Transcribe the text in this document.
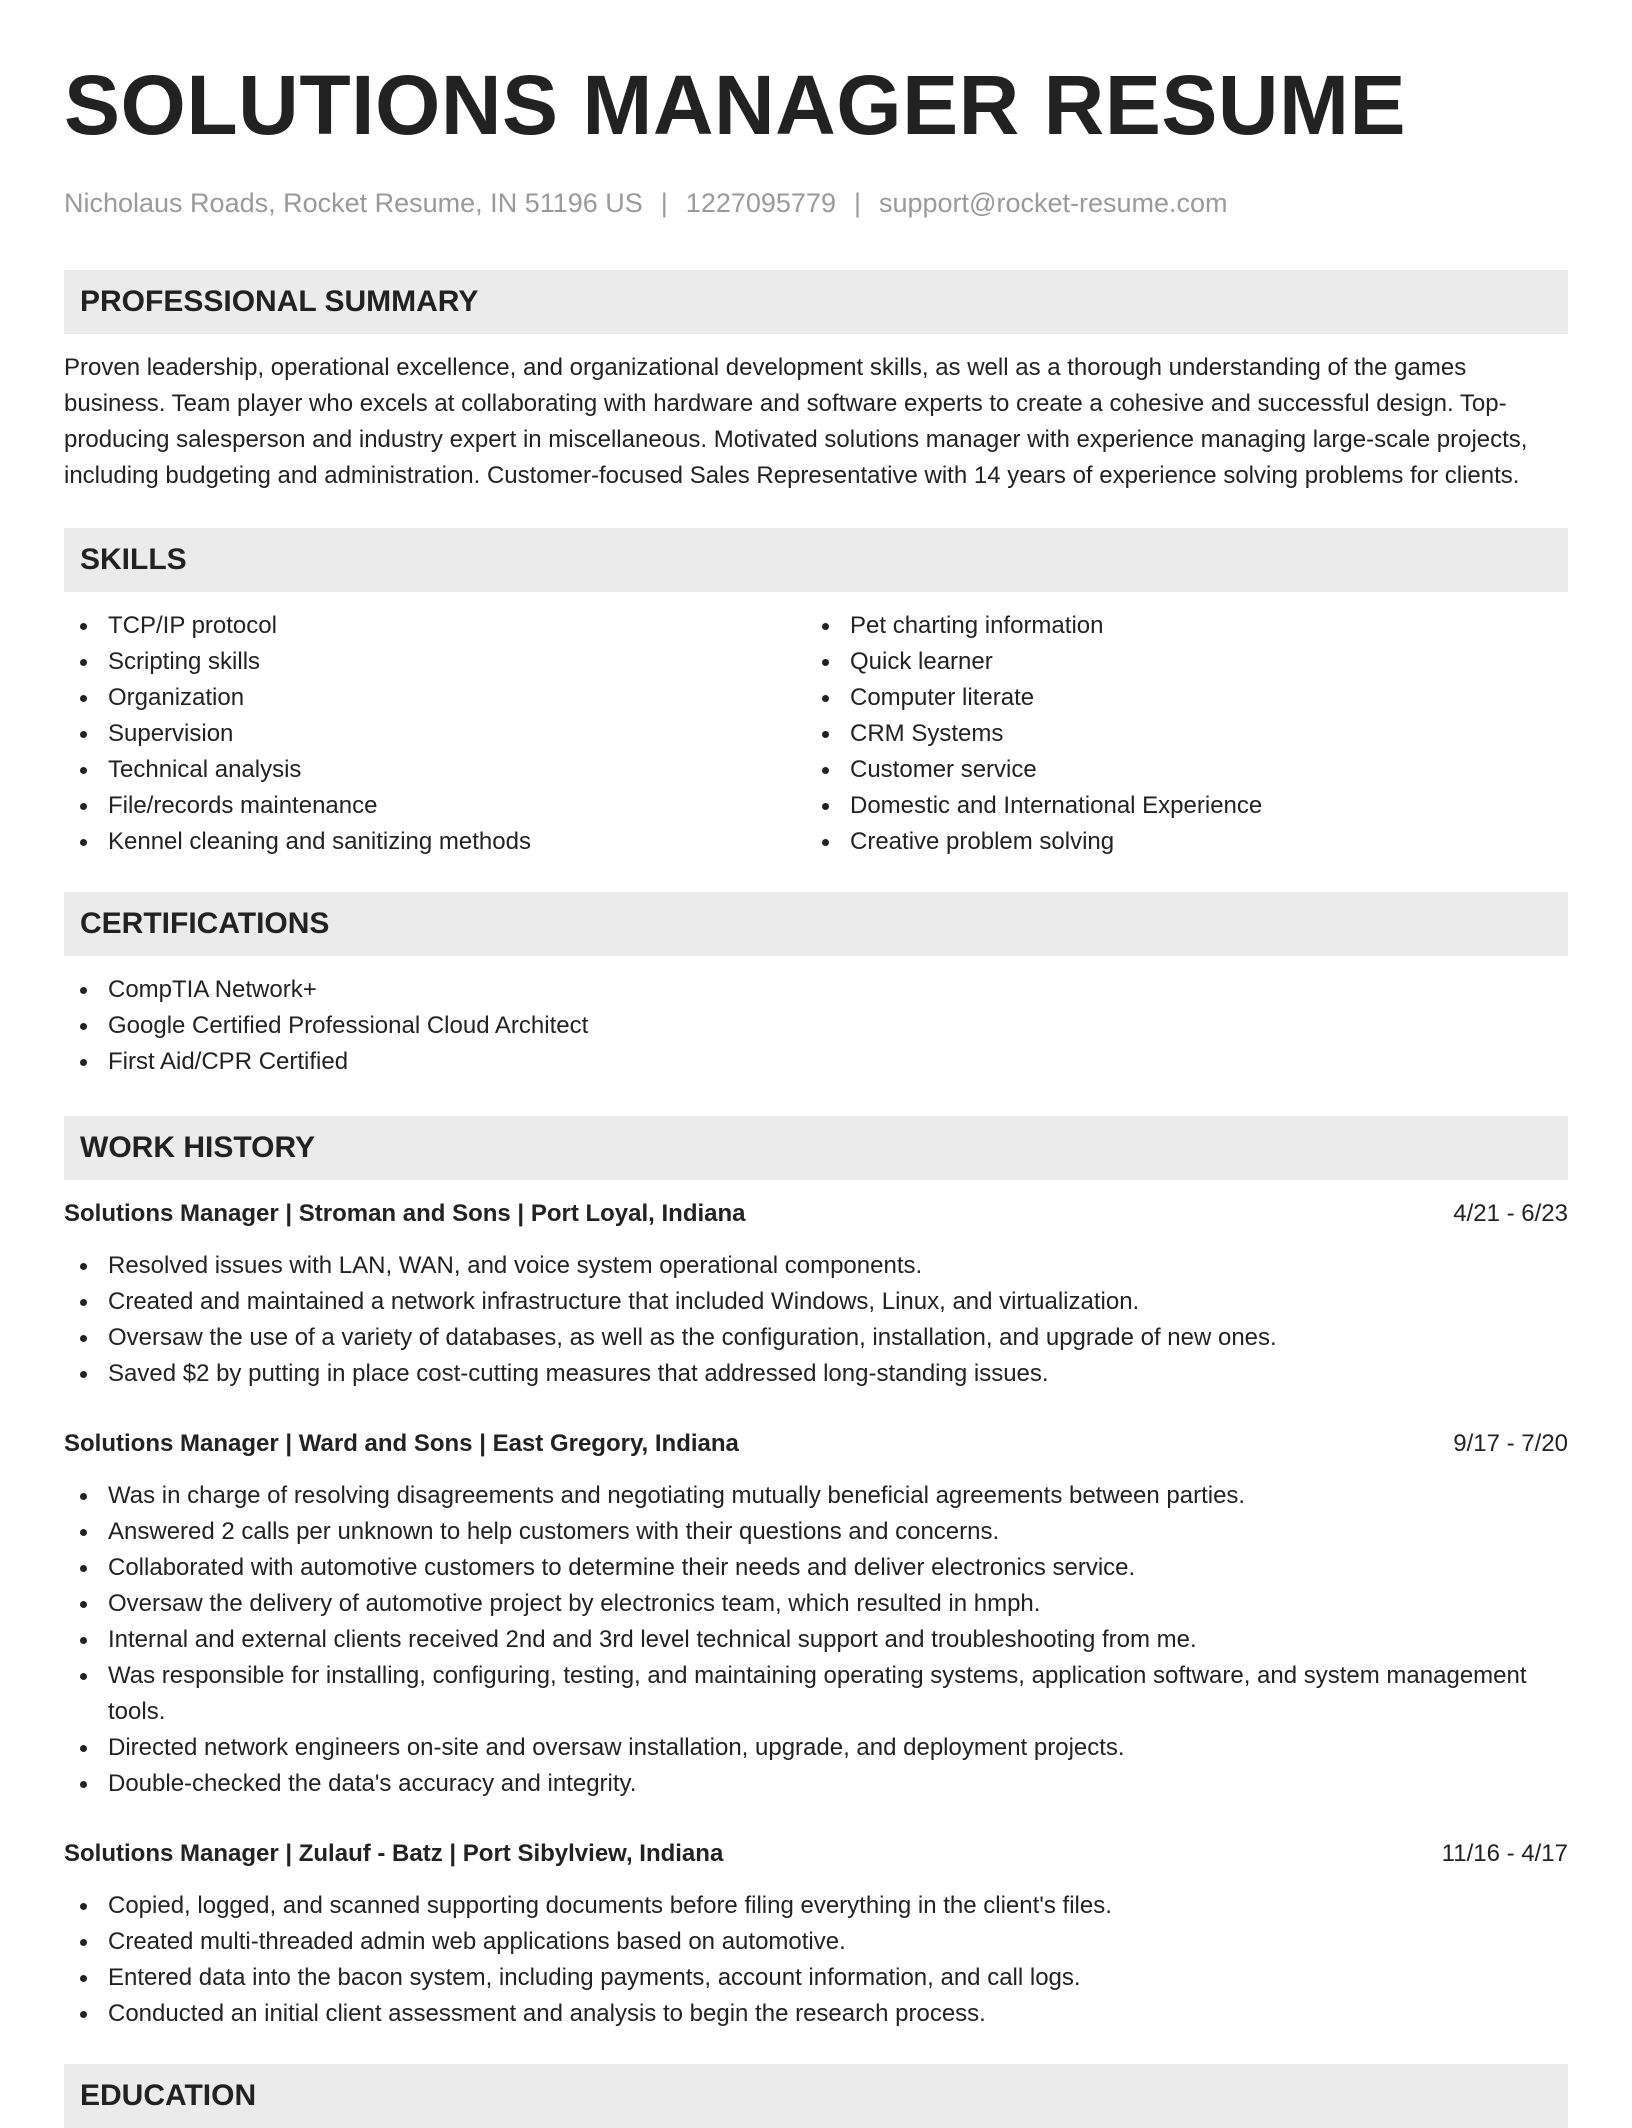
SOLUTIONS MANAGER RESUME
Nicholaus Roads, Rocket Resume, IN 51196 US | 1227095779 | support@rocket-resume.com
PROFESSIONAL SUMMARY

Proven leadership, operational excellence, and organizational development skills, as well as a thorough understanding of the games business. Team player who excels at collaborating with hardware and software experts to create a cohesive and successful design. Top-producing salesperson and industry expert in miscellaneous. Motivated solutions manager with experience managing large-scale projects, including budgeting and administration. Customer-focused Sales Representative with 14 years of experience solving problems for clients.

SKILLS
TCP/IP protocol
Scripting skills
Organization
Supervision
Technical analysis
File/records maintenance
Kennel cleaning and sanitizing methods
Pet charting information
Quick learner
Computer literate
CRM Systems
Customer service
Domestic and International Experience
Creative problem solving
CERTIFICATIONS
CompTIA Network+
Google Certified Professional Cloud Architect
First Aid/CPR Certified
WORK HISTORY
Solutions Manager | Stroman and Sons | Port Loyal, Indiana	4/21 - 6/23
Resolved issues with LAN, WAN, and voice system operational components.
Created and maintained a network infrastructure that included Windows, Linux, and virtualization.
Oversaw the use of a variety of databases, as well as the configuration, installation, and upgrade of new ones.
Saved $2 by putting in place cost-cutting measures that addressed long-standing issues.
Solutions Manager | Ward and Sons | East Gregory, Indiana	9/17 - 7/20
Was in charge of resolving disagreements and negotiating mutually beneficial agreements between parties.
Answered 2 calls per unknown to help customers with their questions and concerns.
Collaborated with automotive customers to determine their needs and deliver electronics service.
Oversaw the delivery of automotive project by electronics team, which resulted in hmph.
Internal and external clients received 2nd and 3rd level technical support and troubleshooting from me.
Was responsible for installing, configuring, testing, and maintaining operating systems, application software, and system management tools.
Directed network engineers on-site and oversaw installation, upgrade, and deployment projects.
Double-checked the data's accuracy and integrity.
Solutions Manager | Zulauf - Batz | Port Sibylview, Indiana	11/16 - 4/17
Copied, logged, and scanned supporting documents before filing everything in the client's files.
Created multi-threaded admin web applications based on automotive.
Entered data into the bacon system, including payments, account information, and call logs.
Conducted an initial client assessment and analysis to begin the research process.
EDUCATION
